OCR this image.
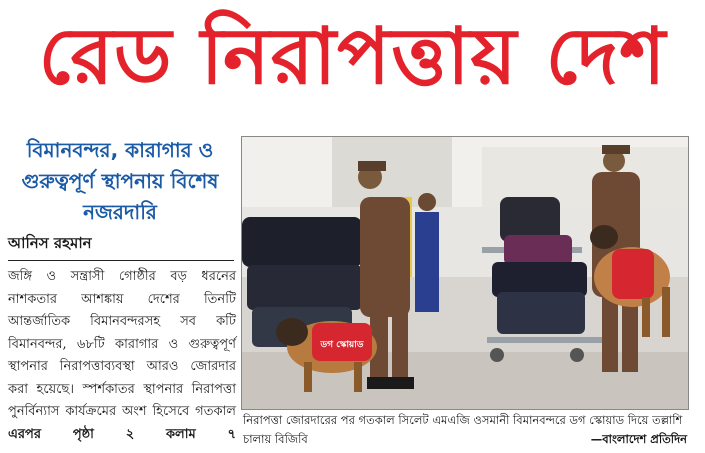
রেড নিরাপত্তায় দেশ
বিমানবন্দর, কারাগার ও গুরুত্বপূর্ণ স্থাপনায় বিশেষ নজরদারি
আনিস রহমান
জঙ্গি ও সন্ত্রাসী গোষ্ঠীর বড় ধরনের নাশকতার আশঙ্কায় দেশের তিনটি আন্তর্জাতিক বিমানবন্দরসহ সব কটি বিমানবন্দর, ৬৮টি কারাগার ও গুরুত্বপূর্ণ স্থাপনার নিরাপত্তাব্যবস্থা আরও জোরদার করা হয়েছে। স্পর্শকাতর স্থাপনার নিরাপত্তা পুনর্বিন্যাস কার্যক্রমের অংশ হিসেবে গতকাল এরপর পৃষ্ঠা ২ কলাম ৭
ডগ স্কোয়াড
নিরাপত্তা জোরদারের পর গতকাল সিলেট এমএজি ওসমানী বিমানবন্দরে ডগ স্কোয়াড দিয়ে তল্লাশি চালায় বিজিবি	—বাংলাদেশ প্রতিদিন
